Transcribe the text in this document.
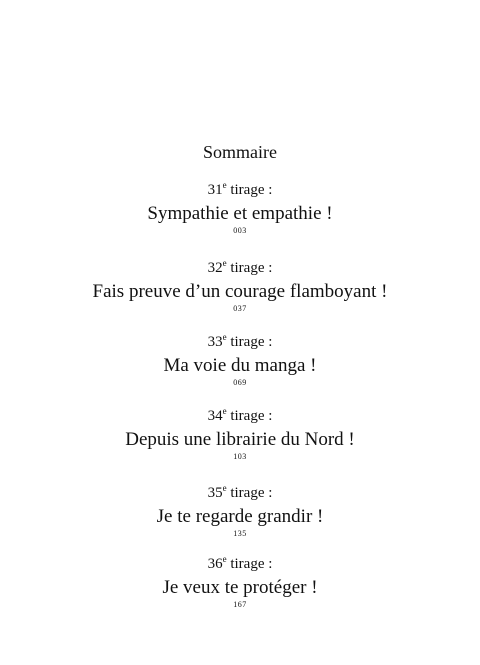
Sommaire
31e tirage :
Sympathie et empathie !
003
32e tirage :
Fais preuve d’un courage flamboyant !
037
33e tirage :
Ma voie du manga !
069
34e tirage :
Depuis une librairie du Nord !
103
35e tirage :
Je te regarde grandir !
135
36e tirage :
Je veux te protéger !
167
